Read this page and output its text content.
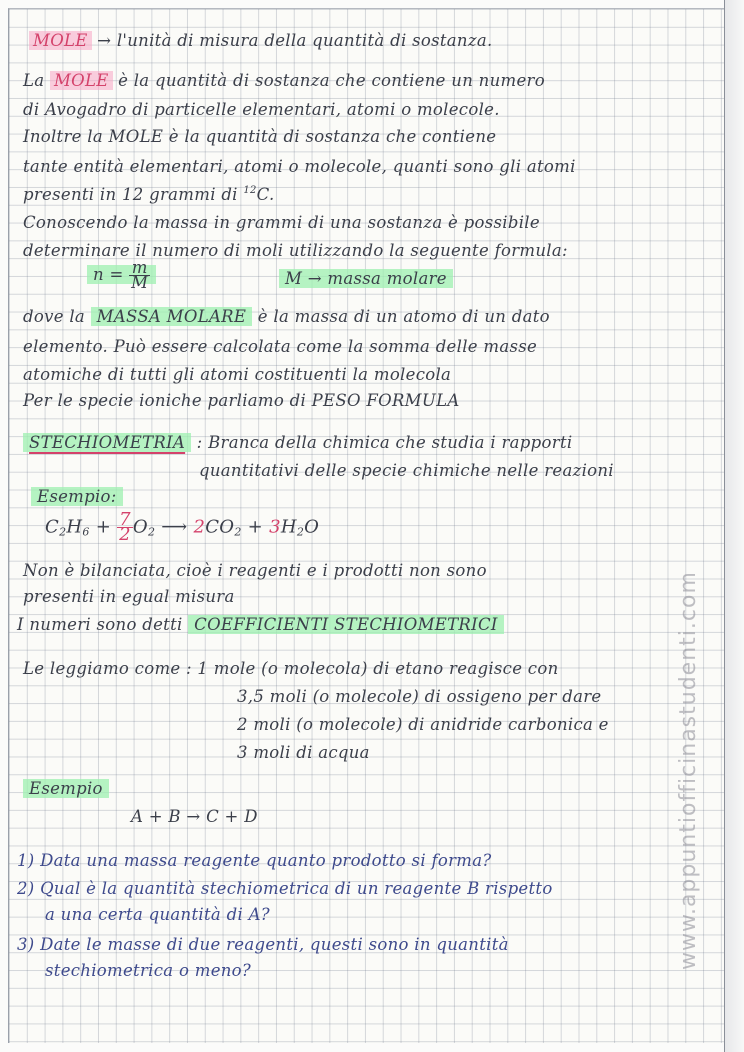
MOLE → l'unità di misura della quantità di sostanza.
La MOLE è la quantità di sostanza che contiene un numero
di Avogadro di particelle elementari, atomi o molecole.
Inoltre la MOLE è la quantità di sostanza che contiene
tante entità elementari, atomi o molecole, quanti sono gli atomi
presenti in 12 grammi di $^{12}$C.
Conoscendo la massa in grammi di una sostanza è possibile
determinare il numero di moli utilizzando la seguente formula:
$n = \frac{m}{M}$	M → massa molare
dove la MASSA MOLARE è la massa di un atomo di un dato
elemento. Può essere calcolata come la somma delle masse
atomiche di tutti gli atomi costituenti la molecola
Per le specie ioniche parliamo di PESO FORMULA
STECHIOMETRIA : Branca della chimica che studia i rapporti
quantitativi delle specie chimiche nelle reazioni
Esempio:
$C_2H_6 + \frac{7}{2} O_2$ ⟶ $2CO_2 + 3H_2O$
Non è bilanciata, cioè i reagenti e i prodotti non sono
presenti in egual misura
I numeri sono detti COEFFICIENTI STECHIOMETRICI
Le leggiamo come : 1 mole (o molecola) di etano reagisce con
3,5 moli (o molecole) di ossigeno per dare
2 moli (o molecole) di anidride carbonica e
3 moli di acqua
Esempio
A + B → C + D
1) Data una massa reagente quanto prodotto si forma?
2) Qual è la quantità stechiometrica di un reagente B rispetto
a una certa quantità di A?
3) Date le masse di due reagenti, questi sono in quantità
stechiometrica o meno?
www.appuntiofficinastudenti.com
